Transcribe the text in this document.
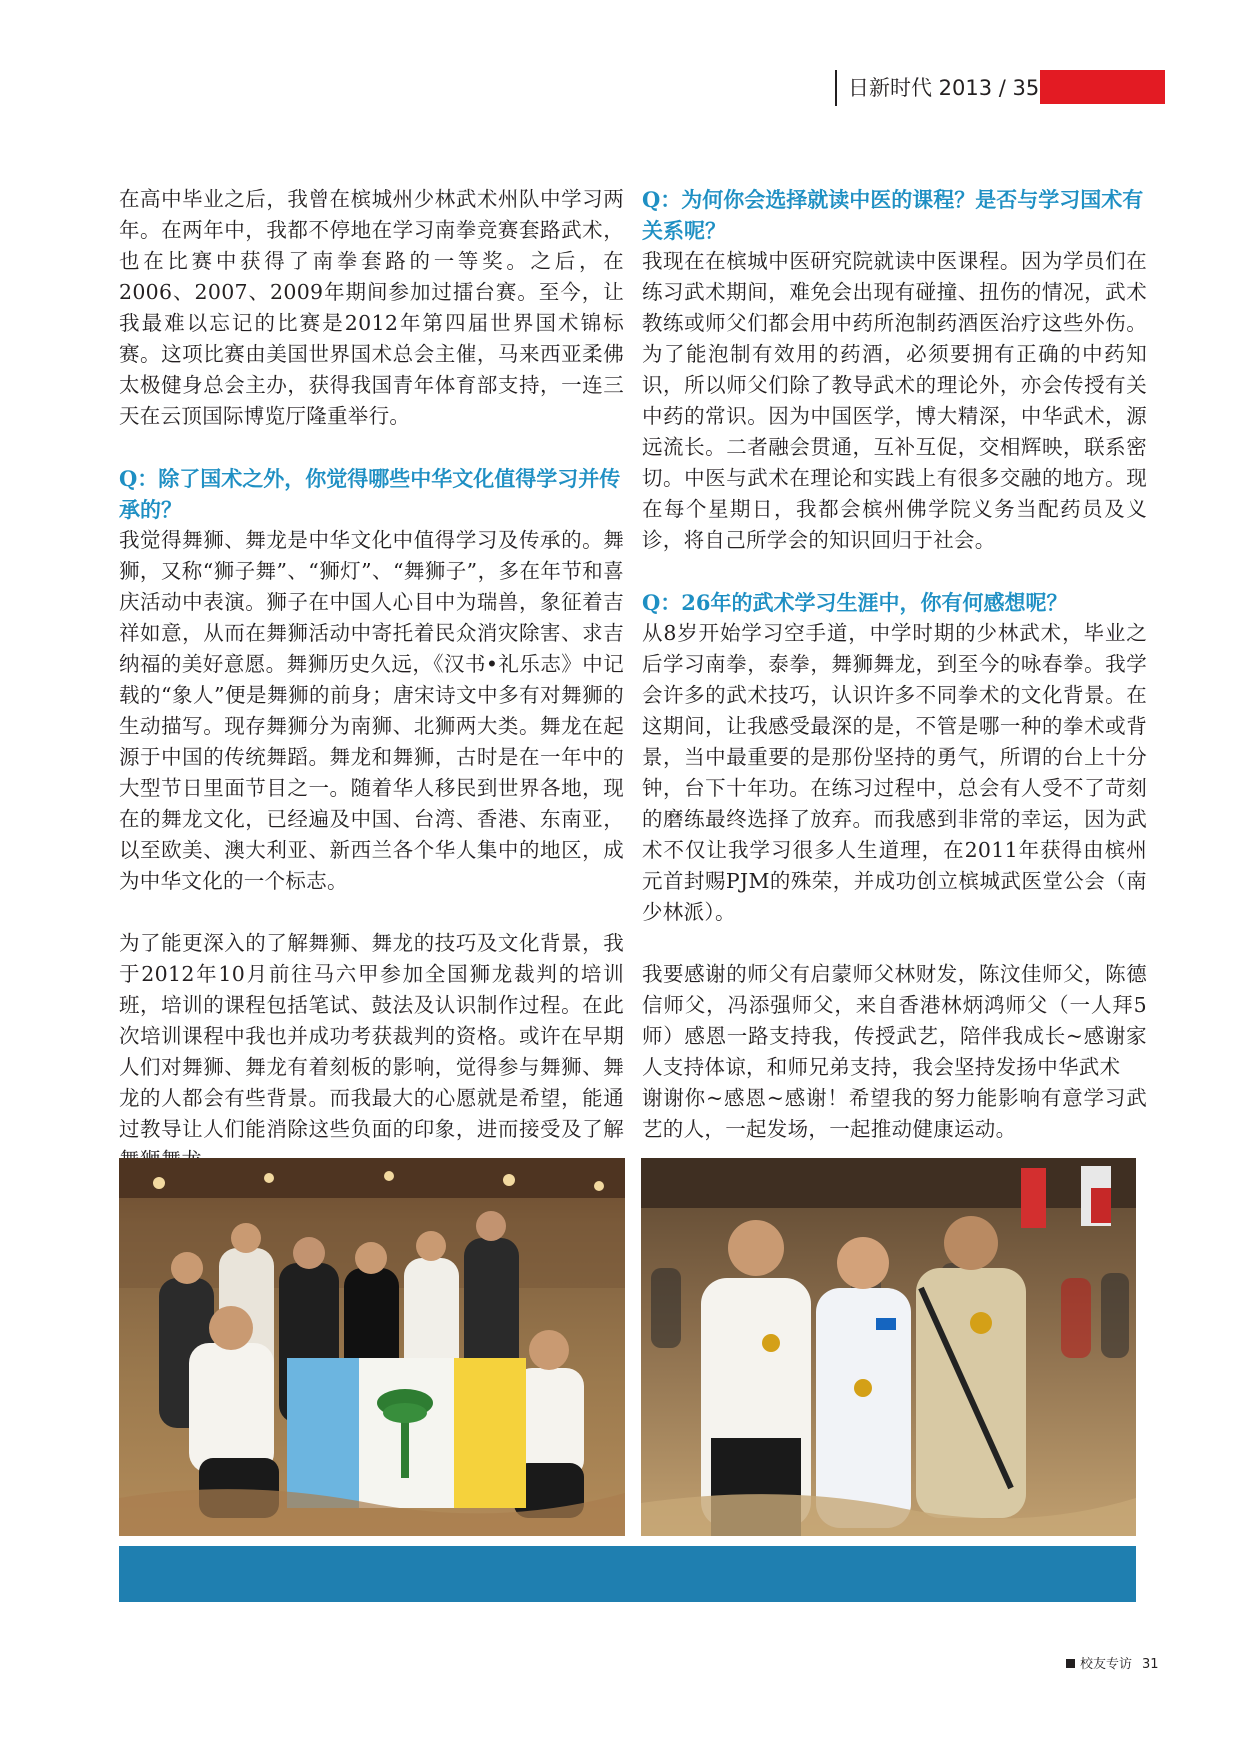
日新时代 2013 / 35

在高中毕业之后，我曾在槟城州少林武术州队中学习两年。在两年中，我都不停地在学习南拳竞赛套路武术，也在比赛中获得了南拳套路的一等奖。之后，在2006、2007、2009年期间参加过擂台赛。至今，让我最难以忘记的比赛是2012年第四届世界国术锦标赛。这项比赛由美国世界国术总会主催，马来西亚柔佛太极健身总会主办，获得我国青年体育部支持，一连三天在云顶国际博览厅隆重举行。

Q：除了国术之外，你觉得哪些中华文化值得学习并传承的？

我觉得舞狮、舞龙是中华文化中值得学习及传承的。舞狮，又称“狮子舞”、“狮灯”、“舞狮子”，多在年节和喜庆活动中表演。狮子在中国人心目中为瑞兽，象征着吉祥如意，从而在舞狮活动中寄托着民众消灾除害、求吉纳福的美好意愿。舞狮历史久远，《汉书•礼乐志》中记载的“象人”便是舞狮的前身；唐宋诗文中多有对舞狮的生动描写。现存舞狮分为南狮、北狮两大类。舞龙在起源于中国的传统舞蹈。舞龙和舞狮，古时是在一年中的大型节日里面节目之一。随着华人移民到世界各地，现在的舞龙文化，已经遍及中国、台湾、香港、东南亚，以至欧美、澳大利亚、新西兰各个华人集中的地区，成为中华文化的一个标志。

为了能更深入的了解舞狮、舞龙的技巧及文化背景，我于2012年10月前往马六甲参加全国狮龙裁判的培训班，培训的课程包括笔试、鼓法及认识制作过程。在此次培训课程中我也并成功考获裁判的资格。或许在早期人们对舞狮、舞龙有着刻板的影响，觉得参与舞狮、舞龙的人都会有些背景。而我最大的心愿就是希望，能通过教导让人们能消除这些负面的印象，进而接受及了解

Q：为何你会选择就读中医的课程？是否与学习国术有关系呢？

我现在在槟城中医研究院就读中医课程。因为学员们在练习武术期间，难免会出现有碰撞、扭伤的情况，武术教练或师父们都会用中药所泡制药酒医治疗这些外伤。为了能泡制有效用的药酒，必须要拥有正确的中药知识，所以师父们除了教导武术的理论外，亦会传授有关中药的常识。因为中国医学，博大精深，中华武术，源远流长。二者融会贯通，互补互促，交相辉映，联系密切。中医与武术在理论和实践上有很多交融的地方。现在每个星期日，我都会槟州佛学院义务当配药员及义诊，将自己所学会的知识回归于社会。

Q：26年的武术学习生涯中，你有何感想呢？

从8岁开始学习空手道，中学时期的少林武术，毕业之后学习南拳，泰拳，舞狮舞龙，到至今的咏春拳。我学会许多的武术技巧，认识许多不同拳术的文化背景。在这期间，让我感受最深的是，不管是哪一种的拳术或背景，当中最重要的是那份坚持的勇气，所谓的台上十分钟，台下十年功。在练习过程中，总会有人受不了苛刻的磨练最终选择了放弃。而我感到非常的幸运，因为武术不仅让我学习很多人生道理，在2011年获得由槟州元首封赐PJM的殊荣，并成功创立槟城武医堂公会（南少林派）。

我要感谢的师父有启蒙师父林财发，陈汶佳师父，陈德信师父，冯添强师父，来自香港林炳鸿师父（一人拜5师）感恩一路支持我，传授武艺，陪伴我成长~感谢家人支持体谅，和师兄弟支持，我会坚持发扬中华武术

谢谢你~感恩~感谢！希望我的努力能影响有意学习武艺的人，一起发场，一起推动健康运动。

校友专访 31
